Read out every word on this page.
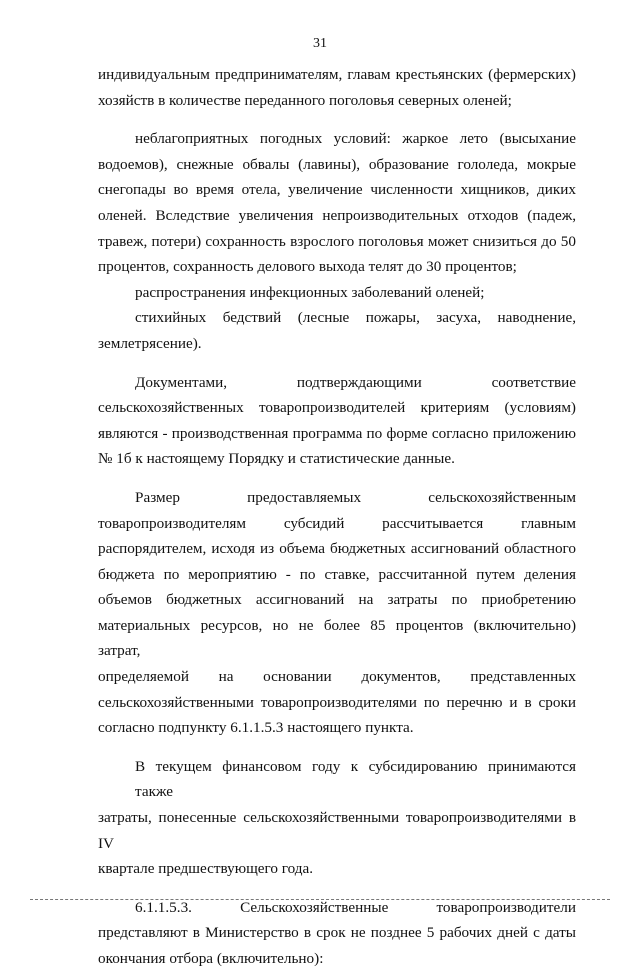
31
индивидуальным предпринимателям, главам крестьянских (фермерских)
хозяйств в количестве переданного поголовья северных оленей;
неблагоприятных погодных условий: жаркое лето (высыхание
водоемов), снежные обвалы (лавины), образование гололеда, мокрые
снегопады во время отела, увеличение численности хищников, диких
оленей. Вследствие увеличения непроизводительных отходов (падеж,
травеж, потери) сохранность взрослого поголовья может снизиться до 50
процентов, сохранность делового выхода телят до 30 процентов;
распространения инфекционных заболеваний оленей;
стихийных бедствий (лесные пожары, засуха, наводнение,
землетрясение).
Документами, подтверждающими соответствие
сельскохозяйственных товаропроизводителей критериям (условиям)
являются - производственная программа по форме согласно приложению
№ 1б к настоящему Порядку и статистические данные.
Размер предоставляемых сельскохозяйственным
товаропроизводителям субсидий рассчитывается главным
распорядителем, исходя из объема бюджетных ассигнований областного
бюджета по мероприятию - по ставке, рассчитанной путем деления
объемов бюджетных ассигнований на затраты по приобретению
материальных ресурсов, но не более 85 процентов (включительно) затрат,
определяемой на основании документов, представленных
сельскохозяйственными товаропроизводителями по перечню и в сроки
согласно подпункту 6.1.1.5.3 настоящего пункта.
В текущем финансовом году к субсидированию принимаются также
затраты, понесенные сельскохозяйственными товаропроизводителями в IV
квартале предшествующего года.
6.1.1.5.3. Сельскохозяйственные товаропроизводители
представляют в Министерство в срок не позднее 5 рабочих дней с даты
окончания отбора (включительно):
